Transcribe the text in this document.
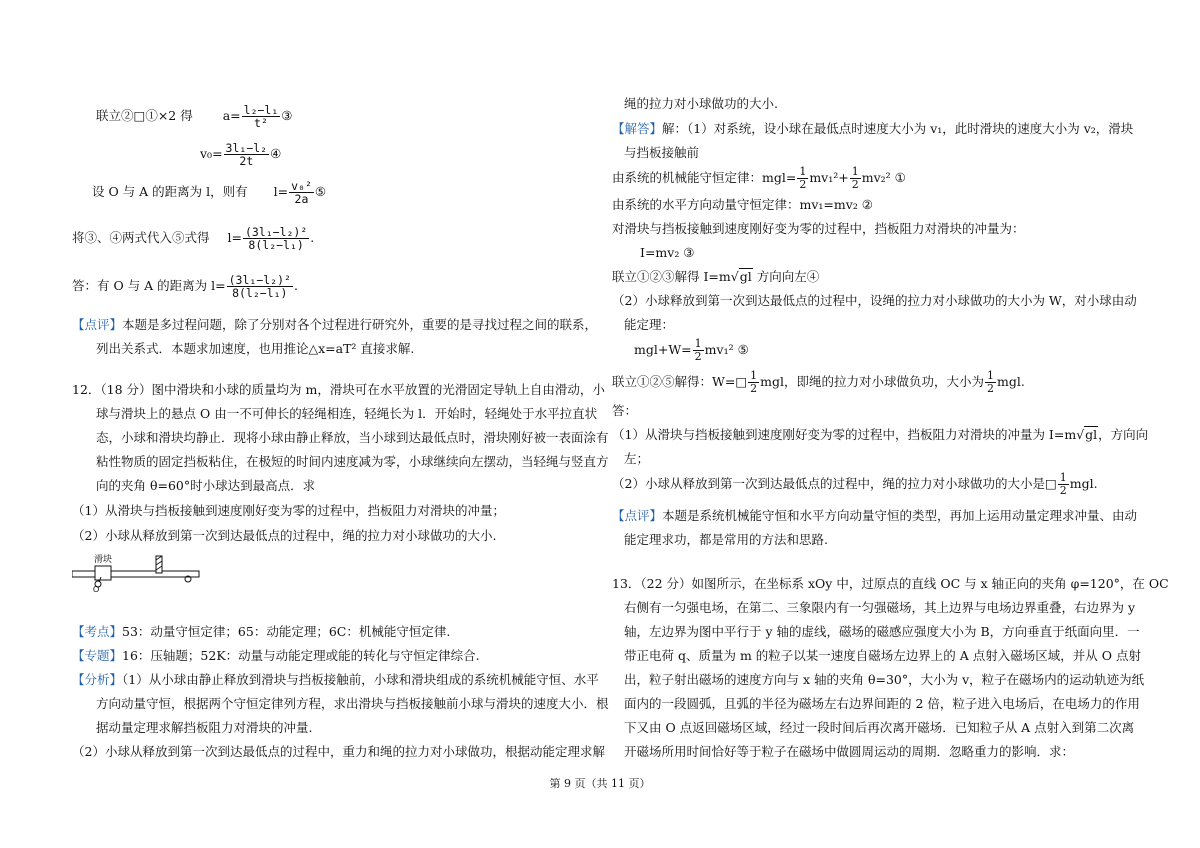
联立②□①×2 得 $a= \frac{\text{l₂−l₁}}{\text{t²}}$ ③
$v_0= \frac{\text{3l₁−l₂}}{2t}$ ④
设 O 与 A 的距离为 l，则有 $l= \frac{\text{v₀²}}{2a}$ ⑤
将③、④两式代入⑤式得 $l= \frac{\text{(3l₁−l₂)²}}{\text{8(l₂−l₁)}}$ .
答：有 O 与 A 的距离为 $l= \frac{\text{(3l₁−l₂)²}}{\text{8(l₂−l₁)}}$ .
【点评】本题是多过程问题，除了分别对各个过程进行研究外，重要的是寻找过程之间的联系，
列出关系式．本题求加速度，也用推论△x=aT² 直接求解.
12．（18 分）图中滑块和小球的质量均为 m，滑块可在水平放置的光滑固定导轨上自由滑动，小
球与滑块上的悬点 O 由一不可伸长的轻绳相连，轻绳长为 l．开始时，轻绳处于水平拉直状
态，小球和滑块均静止．现将小球由静止释放，当小球到达最低点时，滑块刚好被一表面涂有
粘性物质的固定挡板粘住，在极短的时间内速度减为零，小球继续向左摆动，当轻绳与竖直方
向的夹角 θ=60°时小球达到最高点．求
（1）从滑块与挡板接触到速度刚好变为零的过程中，挡板阻力对滑块的冲量；
（2）小球从释放到第一次到达最低点的过程中，绳的拉力对小球做功的大小.
滑块
O
【考点】53：动量守恒定律；65：动能定理；6C：机械能守恒定律.
【专题】16：压轴题；52K：动量与动能定理或能的转化与守恒定律综合.
【分析】（1）从小球由静止释放到滑块与挡板接触前，小球和滑块组成的系统机械能守恒、水平
方向动量守恒，根据两个守恒定律列方程，求出滑块与挡板接触前小球与滑块的速度大小．根
据动量定理求解挡板阻力对滑块的冲量.
（2）小球从释放到第一次到达最低点的过程中，重力和绳的拉力对小球做功，根据动能定理求解
绳的拉力对小球做功的大小.
【解答】解：（1）对系统，设小球在最低点时速度大小为 v₁，此时滑块的速度大小为 v₂，滑块
与挡板接触前
由系统的机械能守恒定律：$mgl= \frac{1}{2} mv_1^2+ \frac{1}{2} mv_2^2$ ①
由系统的水平方向动量守恒定律：mv₁=mv₂ ②
对滑块与挡板接触到速度刚好变为零的过程中，挡板阻力对滑块的冲量为：
I=mv₂ ③
联立①②③解得 I=m√gl 方向向左④
（2）小球释放到第一次到达最低点的过程中，设绳的拉力对小球做功的大小为 W，对小球由动
能定理：
$mgl+W= \frac{1}{2} mv_1^2$ ⑤
联立①②⑤解得：W=□ $\frac{1}{2}$ mgl，即绳的拉力对小球做负功，大小为 $\frac{1}{2}$ mgl.
答：
（1）从滑块与挡板接触到速度刚好变为零的过程中，挡板阻力对滑块的冲量为 I=m√gl，方向向
左；
（2）小球从释放到第一次到达最低点的过程中，绳的拉力对小球做功的大小是□ $\frac{1}{2}$ mgl.
【点评】本题是系统机械能守恒和水平方向动量守恒的类型，再加上运用动量定理求冲量、由动
能定理求功，都是常用的方法和思路.
13．（22 分）如图所示，在坐标系 xOy 中，过原点的直线 OC 与 x 轴正向的夹角 φ=120°，在 OC
右侧有一匀强电场，在第二、三象限内有一匀强磁场，其上边界与电场边界重叠，右边界为 y
轴，左边界为图中平行于 y 轴的虚线，磁场的磁感应强度大小为 B，方向垂直于纸面向里．一
带正电荷 q、质量为 m 的粒子以某一速度自磁场左边界上的 A 点射入磁场区域，并从 O 点射
出，粒子射出磁场的速度方向与 x 轴的夹角 θ=30°，大小为 v，粒子在磁场内的运动轨迹为纸
面内的一段圆弧，且弧的半径为磁场左右边界间距的 2 倍，粒子进入电场后，在电场力的作用
下又由 O 点返回磁场区域，经过一段时间后再次离开磁场．已知粒子从 A 点射入到第二次离
开磁场所用时间恰好等于粒子在磁场中做圆周运动的周期．忽略重力的影响．求：
第 9 页（共 11 页）
